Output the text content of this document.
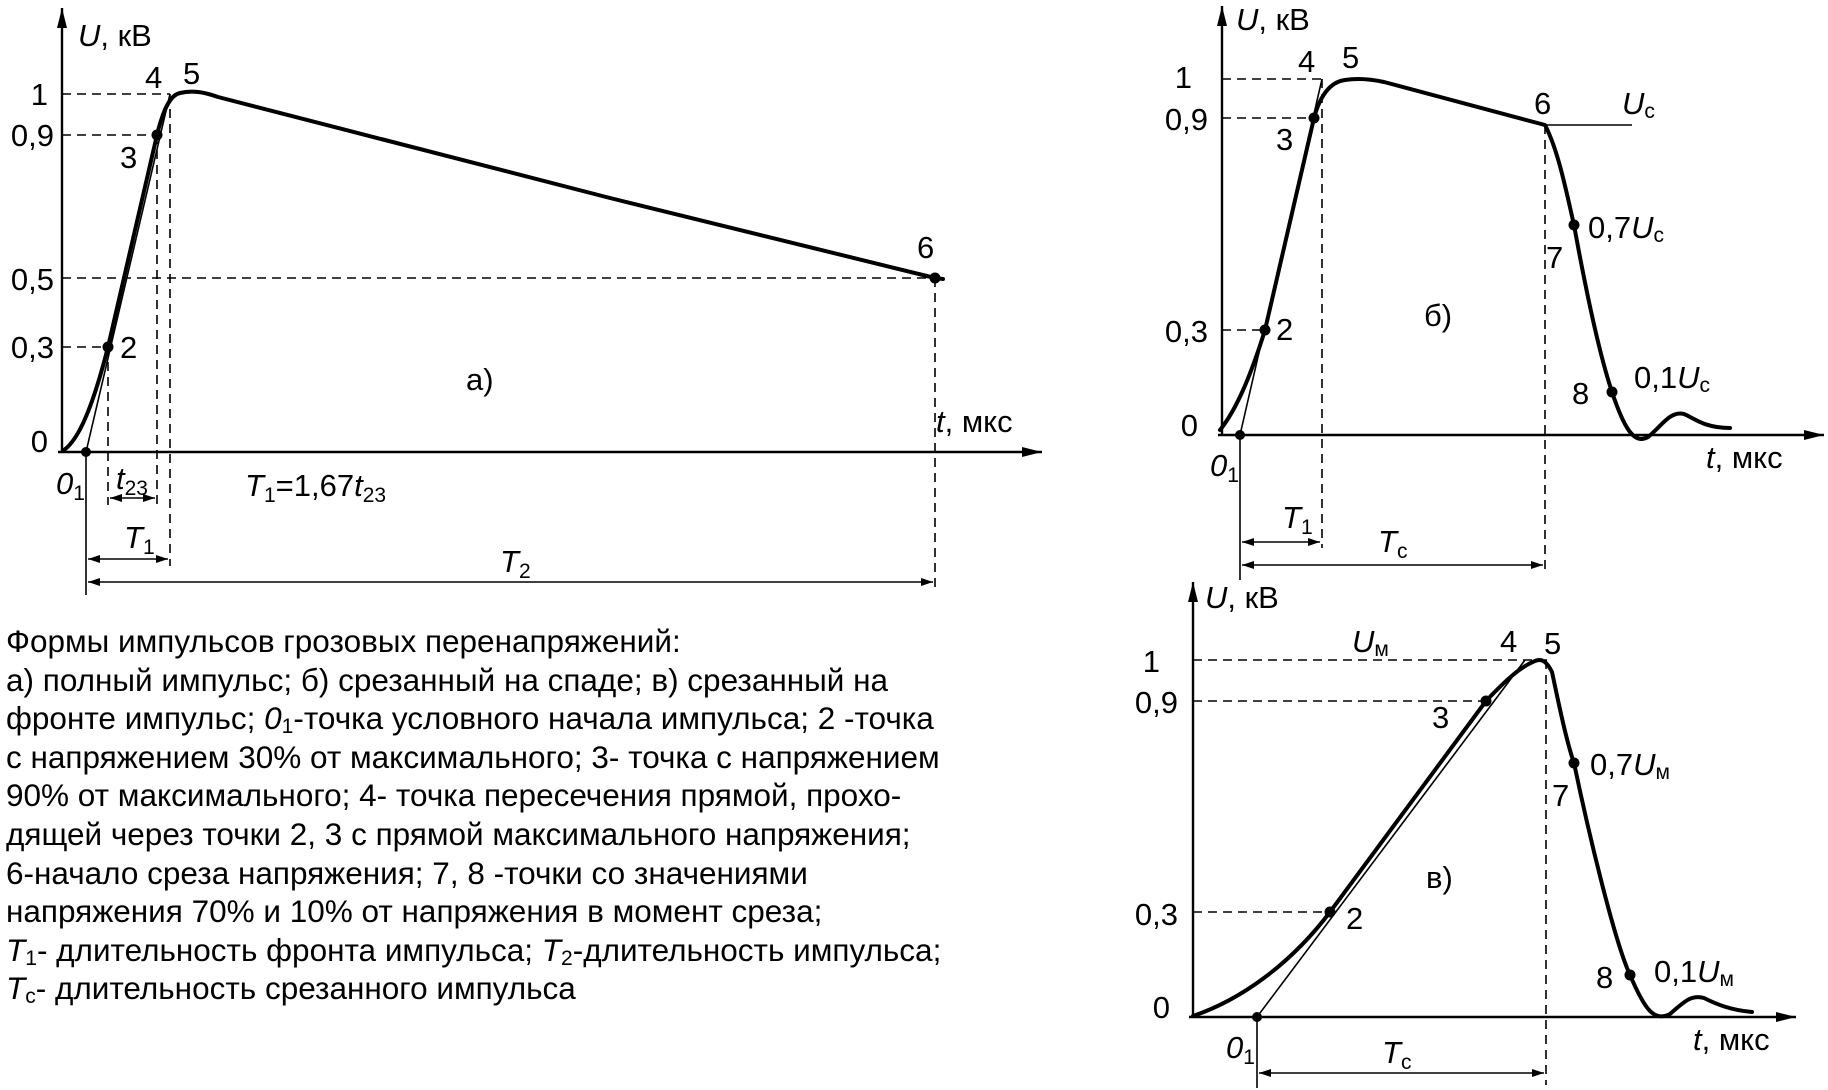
U, кВ
t, мкс
1
0,9
0,5
0,3
0
2
3
4 5
6
а)
01 t23
T1	T2
T1=1,67t23
U, кВ
t, мкс
1
0,9
0,3
0
2
3
4 5
6
7
8
Uс
0,7Uс
0,1Uс
б)
01
T1 Tс
U, кВ
t, мкс
1
0,9
0,3
0
2
3
4 5
7
8
Uм
0,7Uм
0,1Uм
в)
01	Tс
Формы импульсов грозовых перенапряжений:
а) полный импульс; б) срезанный на спаде; в) срезанный на
фронте импульс; $0_1$-точка условного начала импульса; 2 -точка
с напряжением 30% от максимального; 3- точка с напряжением
90% от максимального; 4- точка пересечения прямой, прохо-
дящей через точки 2, 3 с прямой максимального напряжения;
6-начало среза напряжения; 7, 8 -точки со значениями
напряжения 70% и 10% от напряжения в момент среза;
$T_1-$ длительность фронта импульса; $T_2$-длительность импульса;
$T_с-$ длительность срезанного импульса
